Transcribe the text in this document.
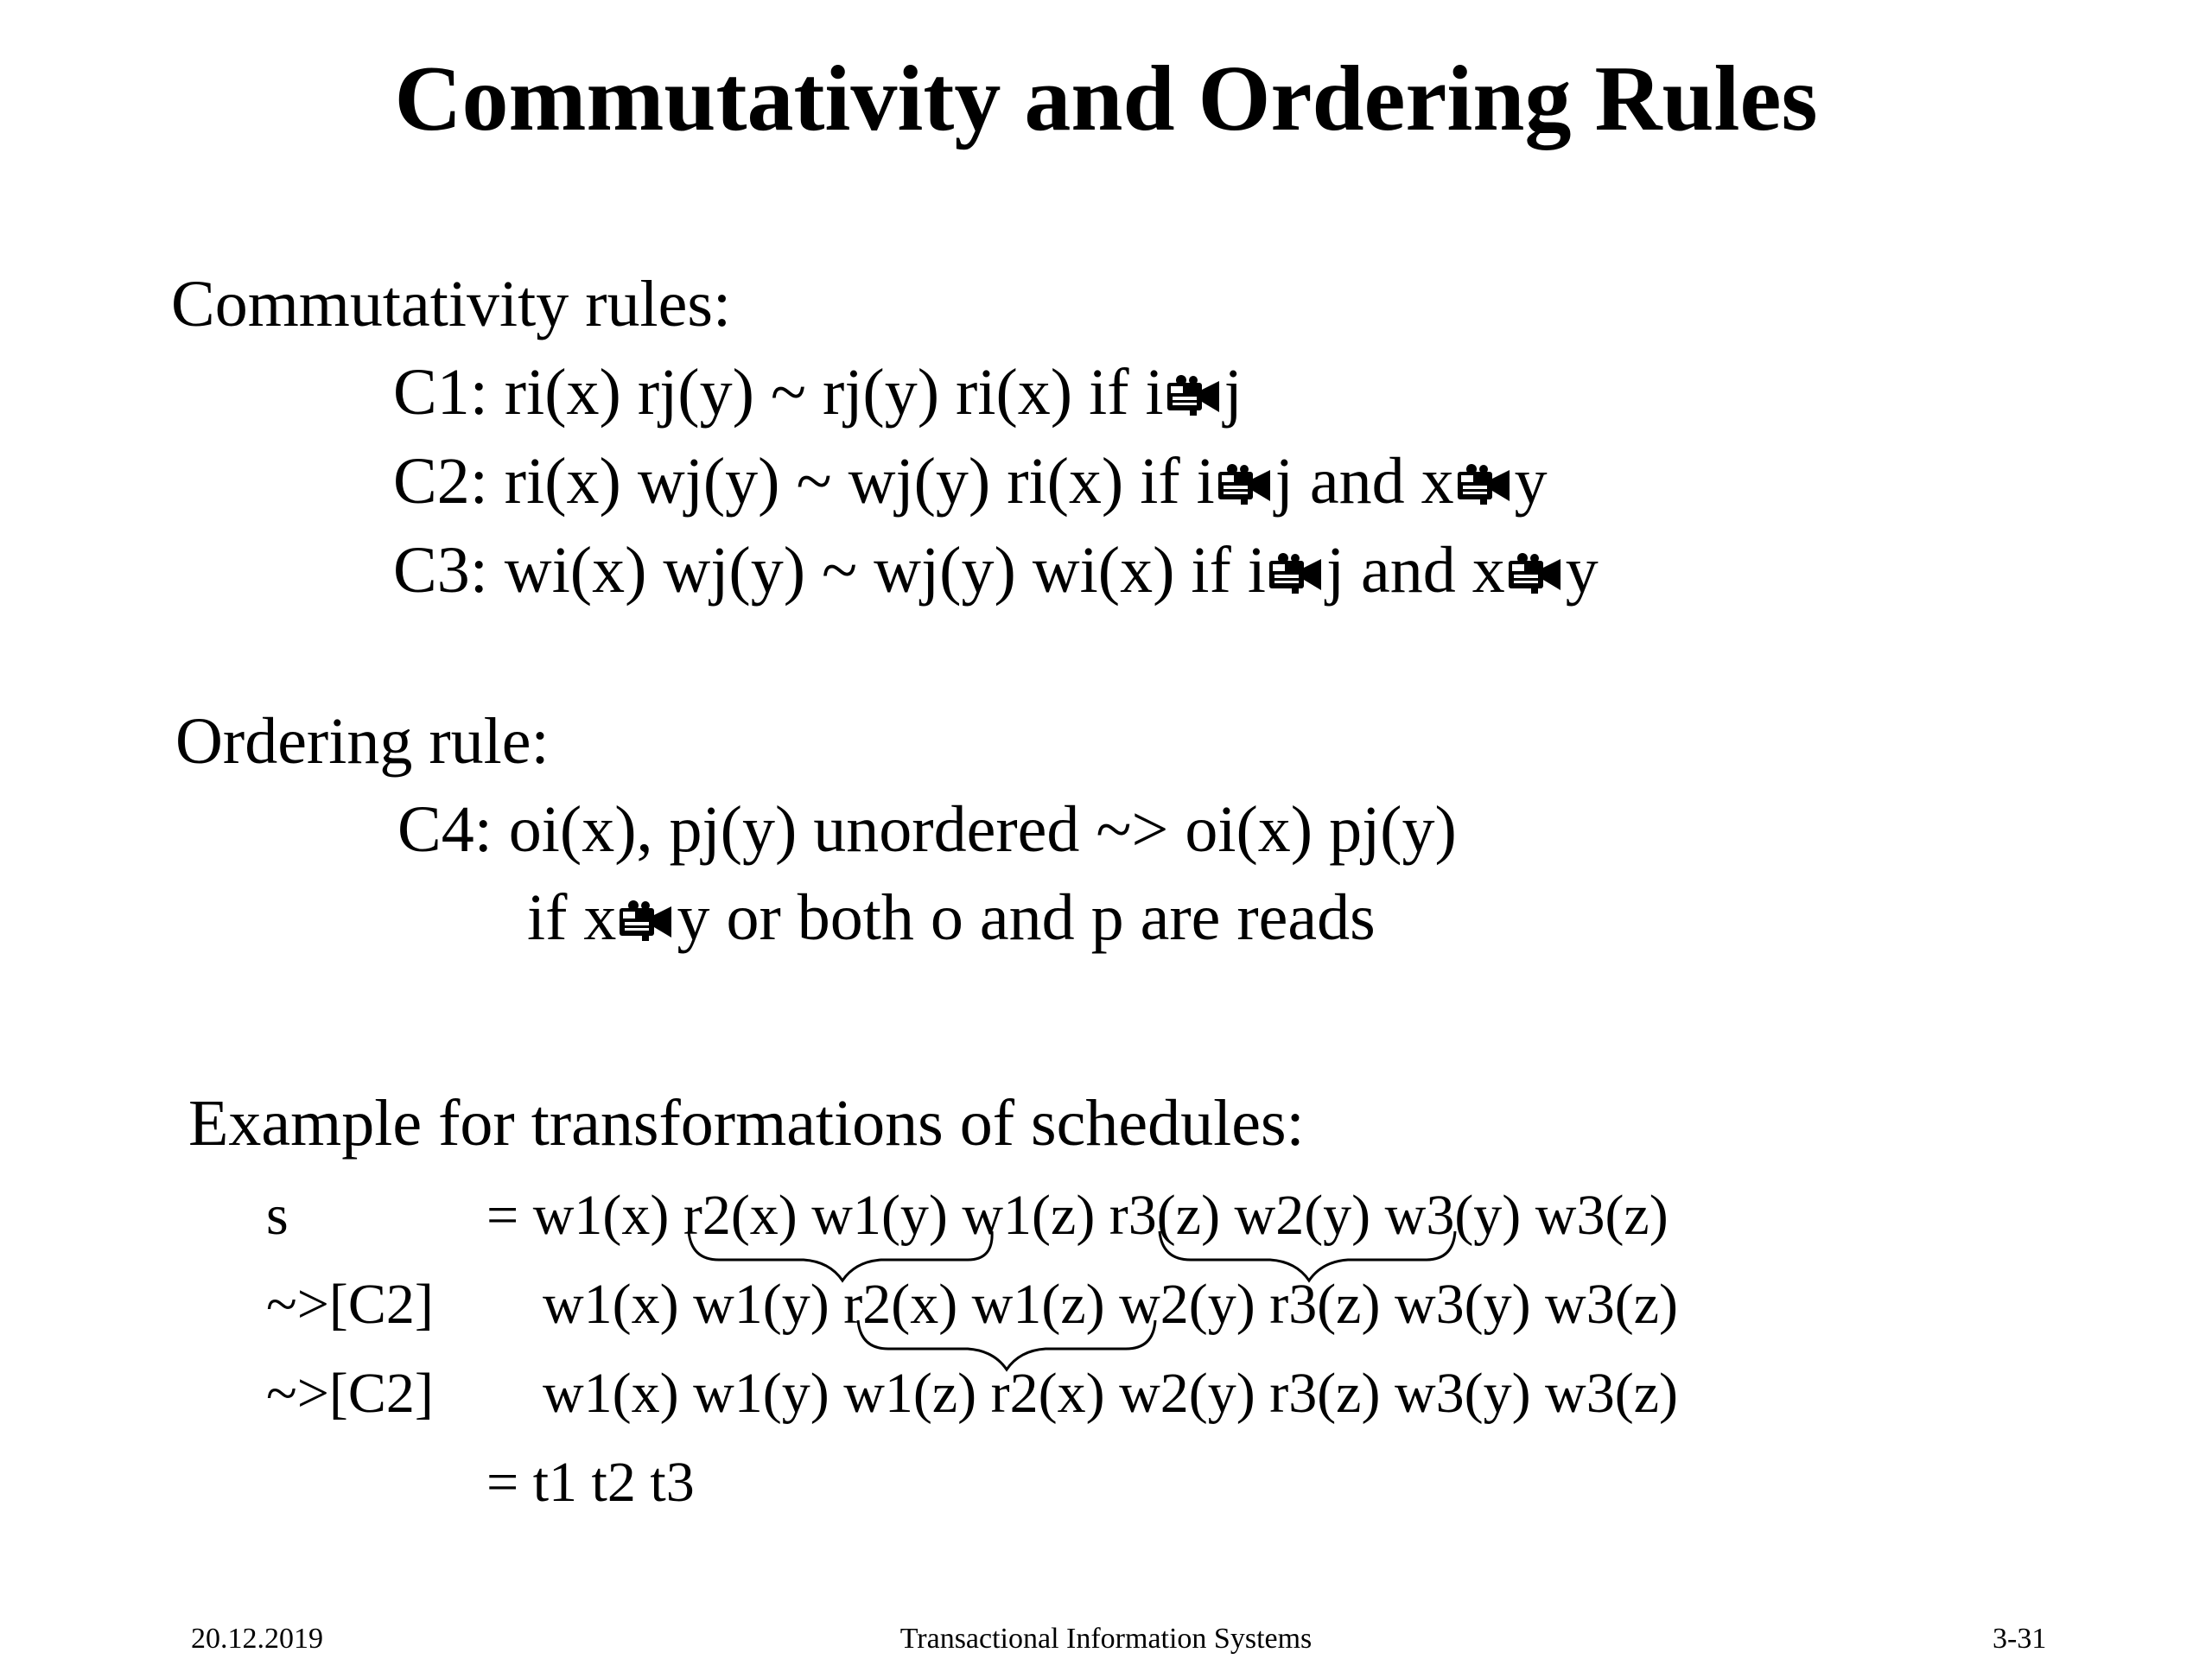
Commutativity and Ordering Rules
Commutativity rules:
C1: ri(x) rj(y) ~ rj(y) ri(x) if i j
C2: ri(x) wj(y) ~ wj(y) ri(x) if i j and x y
C3: wi(x) wj(y) ~ wj(y) wi(x) if i j and x y
Ordering rule:
C4: oi(x), pj(y) unordered ~> oi(x) pj(y)
if x y or both o and p are reads
Example for transformations of schedules:
s	= w1(x) r2(x) w1(y) w1(z) r3(z) w2(y) w3(y) w3(z)
~>[C2] w1(x) w1(y) r2(x) w1(z) w2(y) r3(z) w3(y) w3(z)
~>[C2] w1(x) w1(y) w1(z) r2(x) w2(y) r3(z) w3(y) w3(z)
= t1 t2 t3
20.12.2019	Transactional Information Systems	3-31
